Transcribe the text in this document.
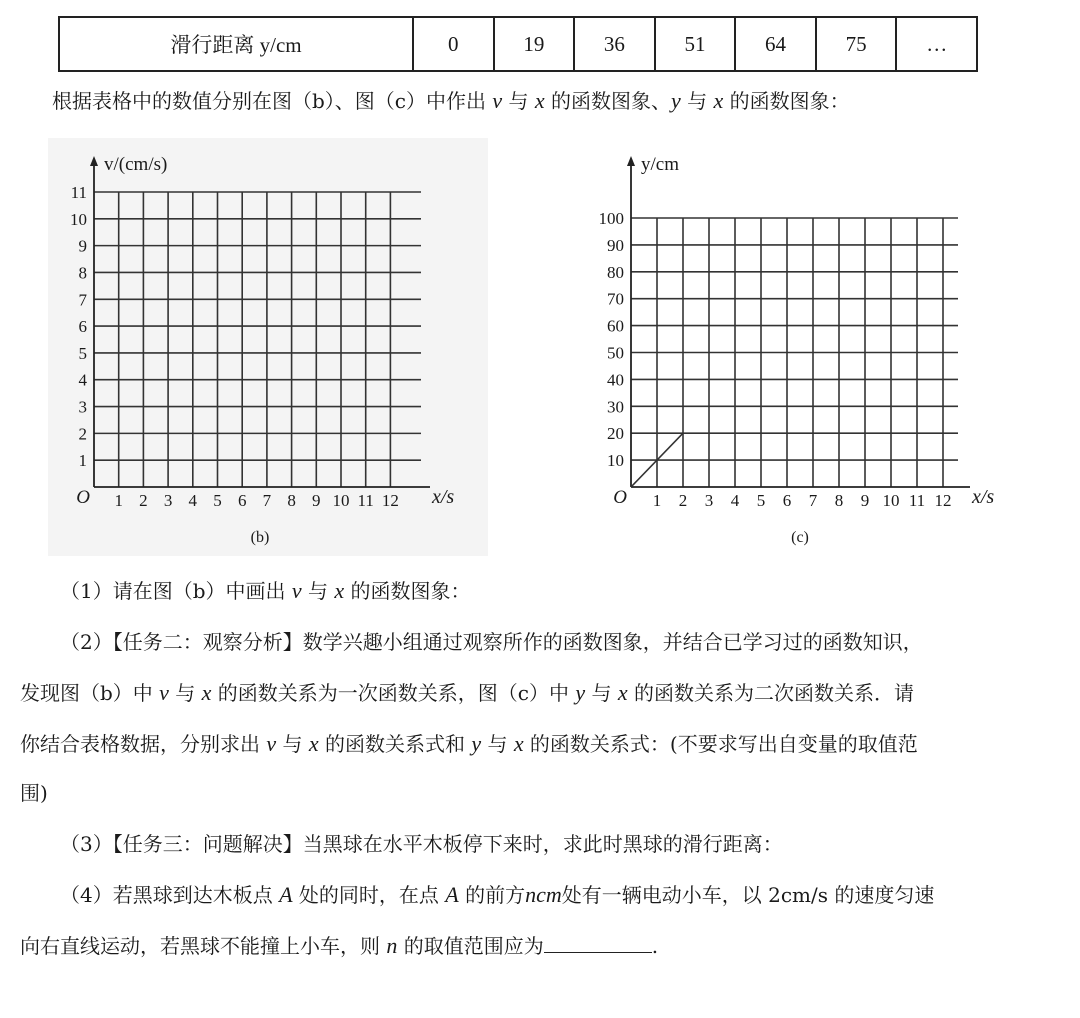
滑行距离 y/cm	0	19	36	51	64	75	…
根据表格中的数值分别在图（b）、图（c）中作出 v 与 x 的函数图象、y 与 x 的函数图象：
v/(cm/s)
x/s
O 1 2 3 4 5 6 7 8 9 10 11 12
1
2
3
4
5
6
7
8
9
10
11
(b)
y/cm
x/s
O 1 2 3 4 5 6 7 8 9 10 11 12
10
20
30
40
50
60
70
80
90
100
(c)
（1）请在图（b）中画出 v 与 x 的函数图象：
（2）【任务二：观察分析】数学兴趣小组通过观察所作的函数图象，并结合已学习过的函数知识，
发现图（b）中 v 与 x 的函数关系为一次函数关系，图（c）中 y 与 x 的函数关系为二次函数关系．请
你结合表格数据，分别求出 v 与 x 的函数关系式和 y 与 x 的函数关系式：(不要求写出自变量的取值范
围)
（3）【任务三：问题解决】当黑球在水平木板停下来时，求此时黑球的滑行距离：
（4）若黑球到达木板点 A 处的同时，在点 A 的前方ncm处有一辆电动小车，以 2cm/s 的速度匀速
向右直线运动，若黑球不能撞上小车，则 n 的取值范围应为	.
